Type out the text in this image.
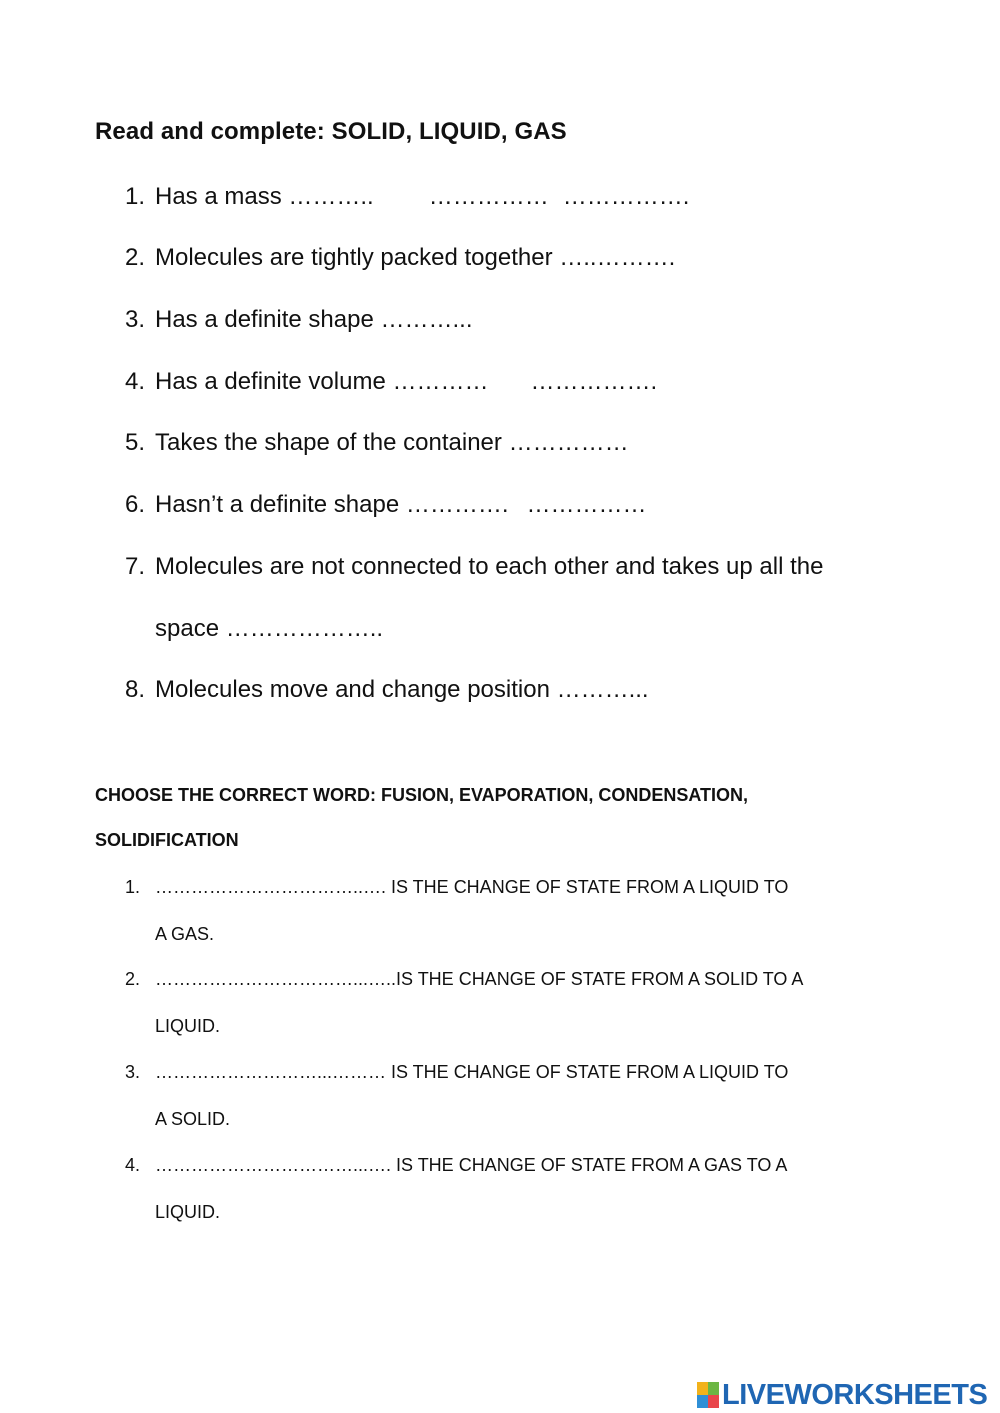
Read and complete: SOLID, LIQUID, GAS
1. Has a mass ……….. …………… …………….
2. Molecules are tightly packed together …..……….
3. Has a definite shape ………...
4. Has a definite volume ………… …………….
5. Takes the shape of the container ……………
6. Hasn’t a definite shape …………. ……………
7. Molecules are not connected to each other and takes up all the
space ………………..
8. Molecules move and change position ………...
CHOOSE THE CORRECT WORD: FUSION, EVAPORATION, CONDENSATION,
SOLIDIFICATION
1. ……………………………..…. IS THE CHANGE OF STATE FROM A LIQUID TO
A GAS.
2. ……………………………...…..IS THE CHANGE OF STATE FROM A SOLID TO A
LIQUID.
3. ………………………...……… IS THE CHANGE OF STATE FROM A LIQUID TO
A SOLID.
4. ……………………………...…. IS THE CHANGE OF STATE FROM A GAS TO A
LIQUID.
LIVEWORKSHEETS
